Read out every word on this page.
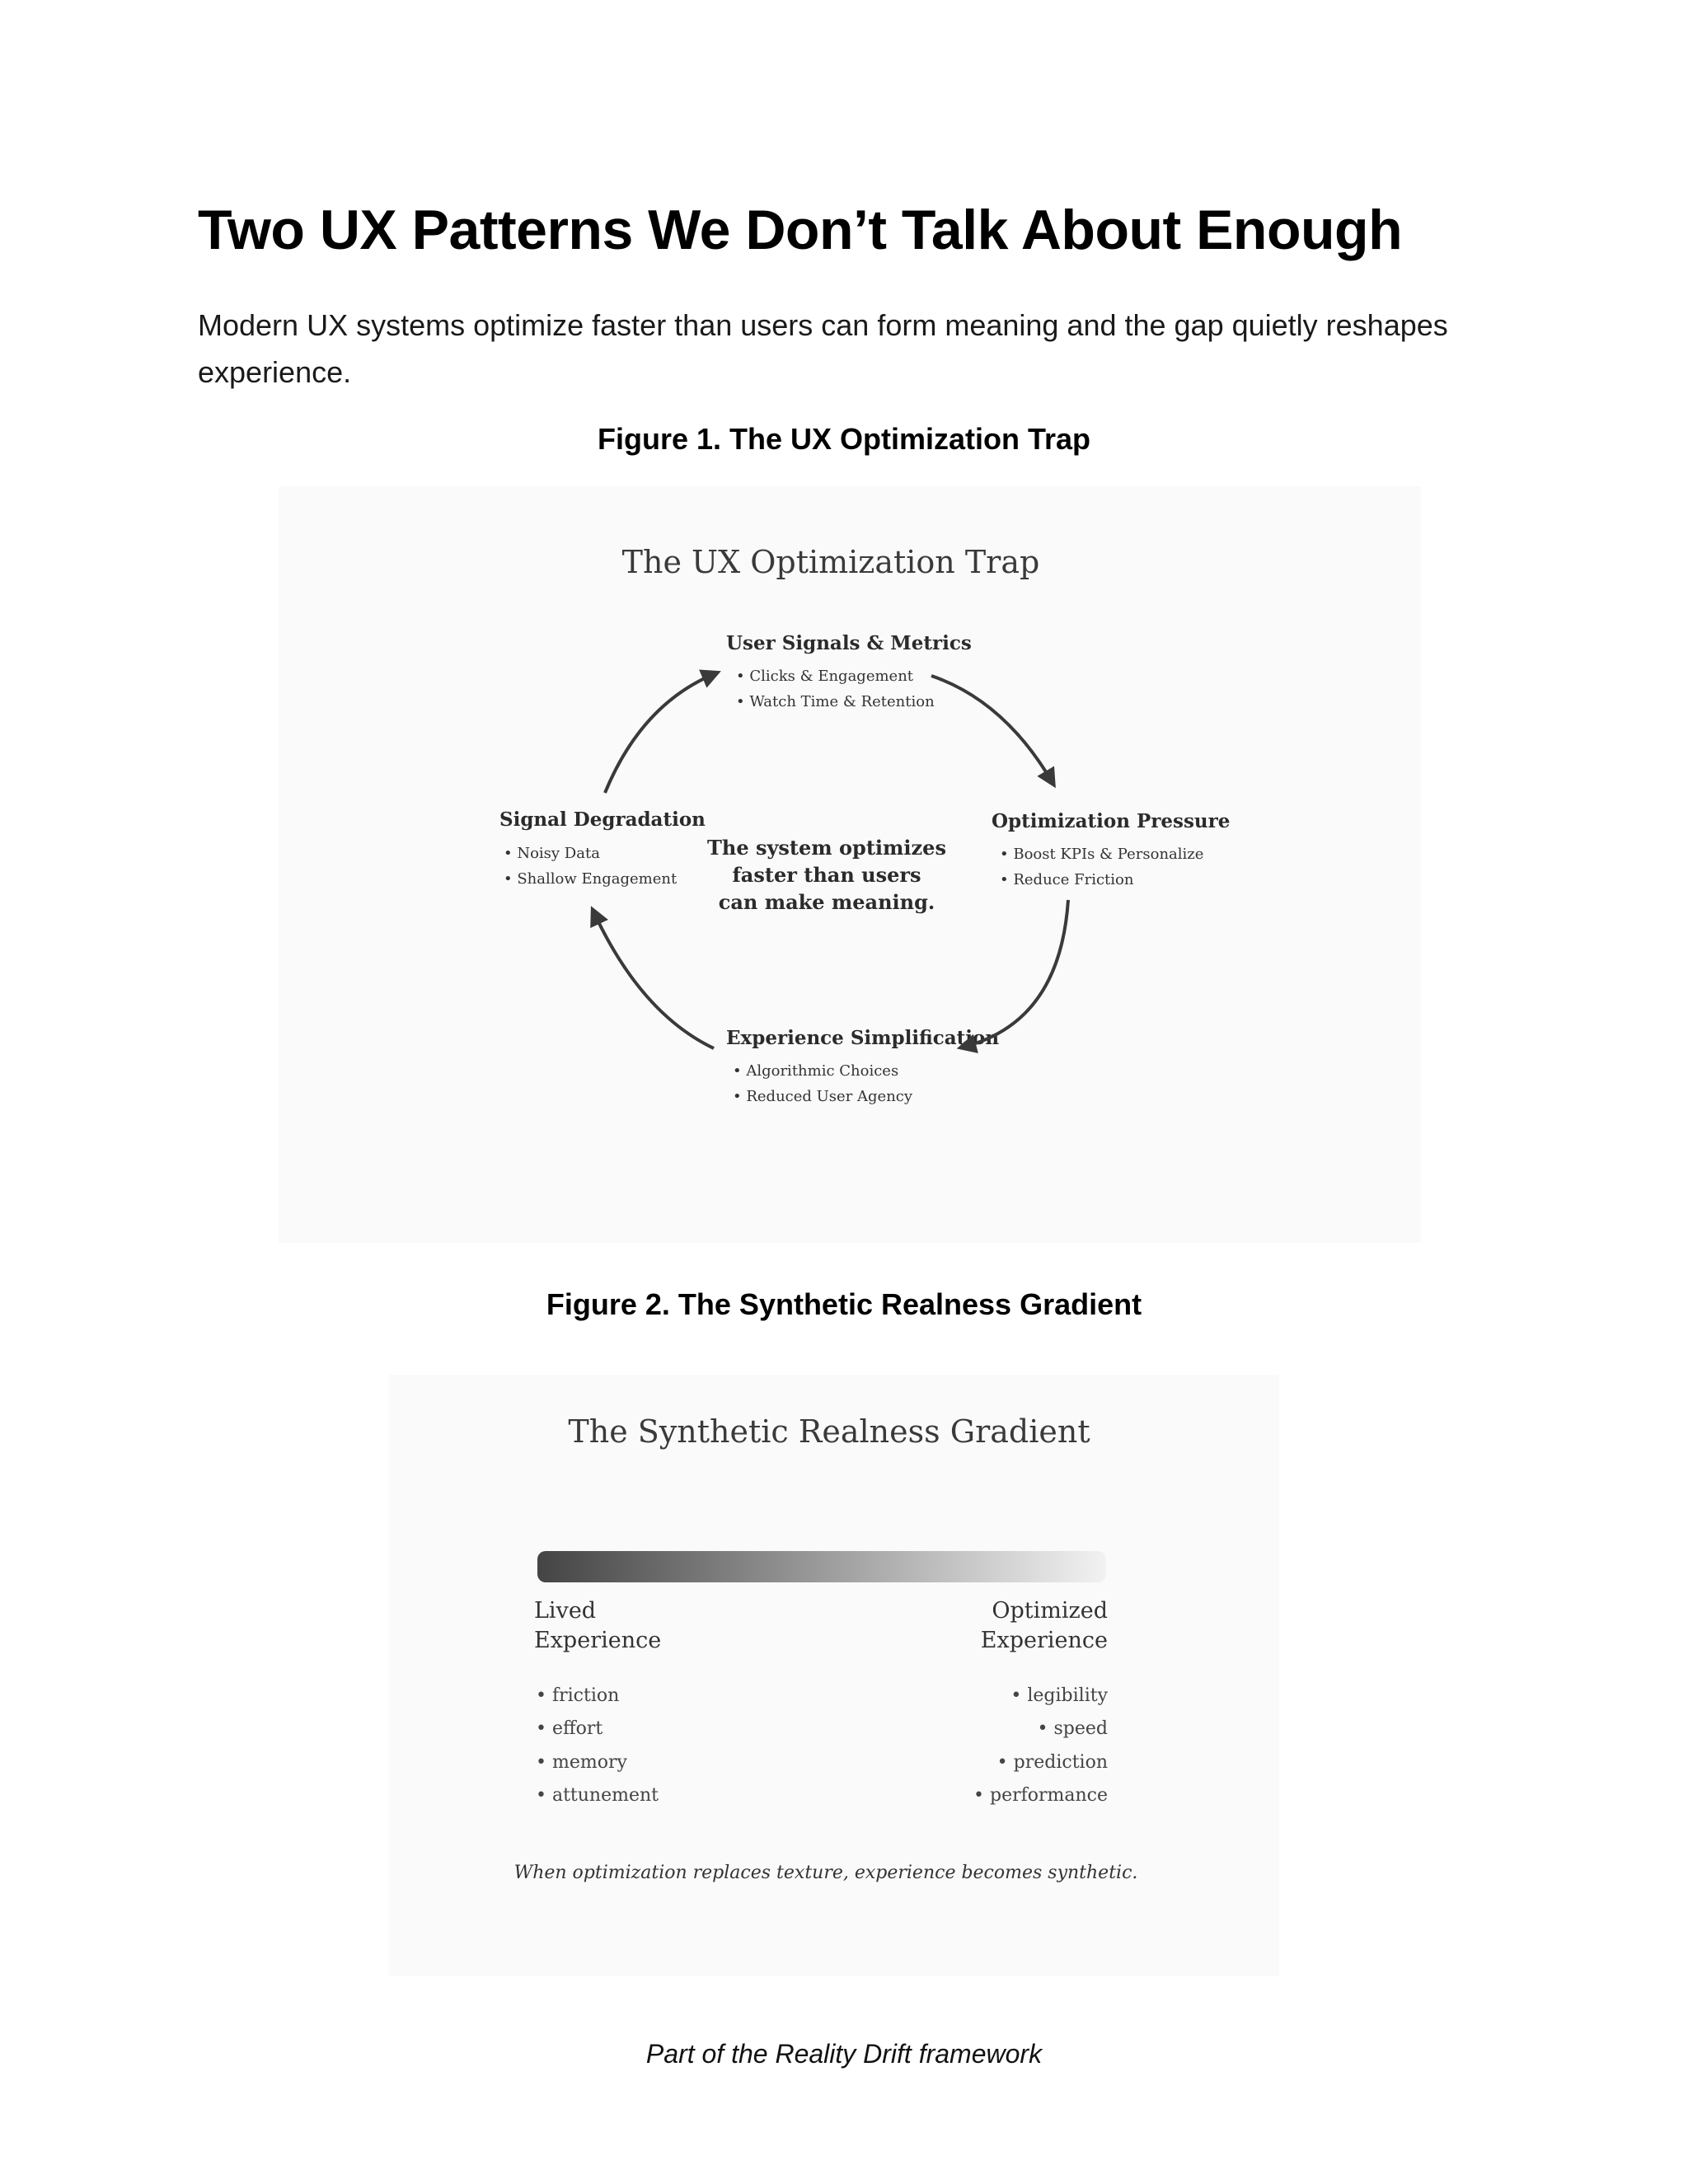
Two UX Patterns We Don’t Talk About Enough

Modern UX systems optimize faster than users can form meaning and the gap quietly reshapes experience.

Figure 1. The UX Optimization Trap

The UX Optimization Trap
User Signals & Metrics
• Clicks & Engagement
• Watch Time & Retention
Optimization Pressure
• Boost KPIs & Personalize
• Reduce Friction
Experience Simplification
• Algorithmic Choices
• Reduced User Agency
Signal Degradation
• Noisy Data
• Shallow Engagement
The system optimizes
faster than users
can make meaning.

Figure 2. The Synthetic Realness Gradient

The Synthetic Realness Gradient
Lived
Experience
• friction
• effort
• memory
• attunement
Optimized
Experience
• legibility
• speed
• prediction
• performance
When optimization replaces texture, experience becomes synthetic.

Part of the Reality Drift framework
